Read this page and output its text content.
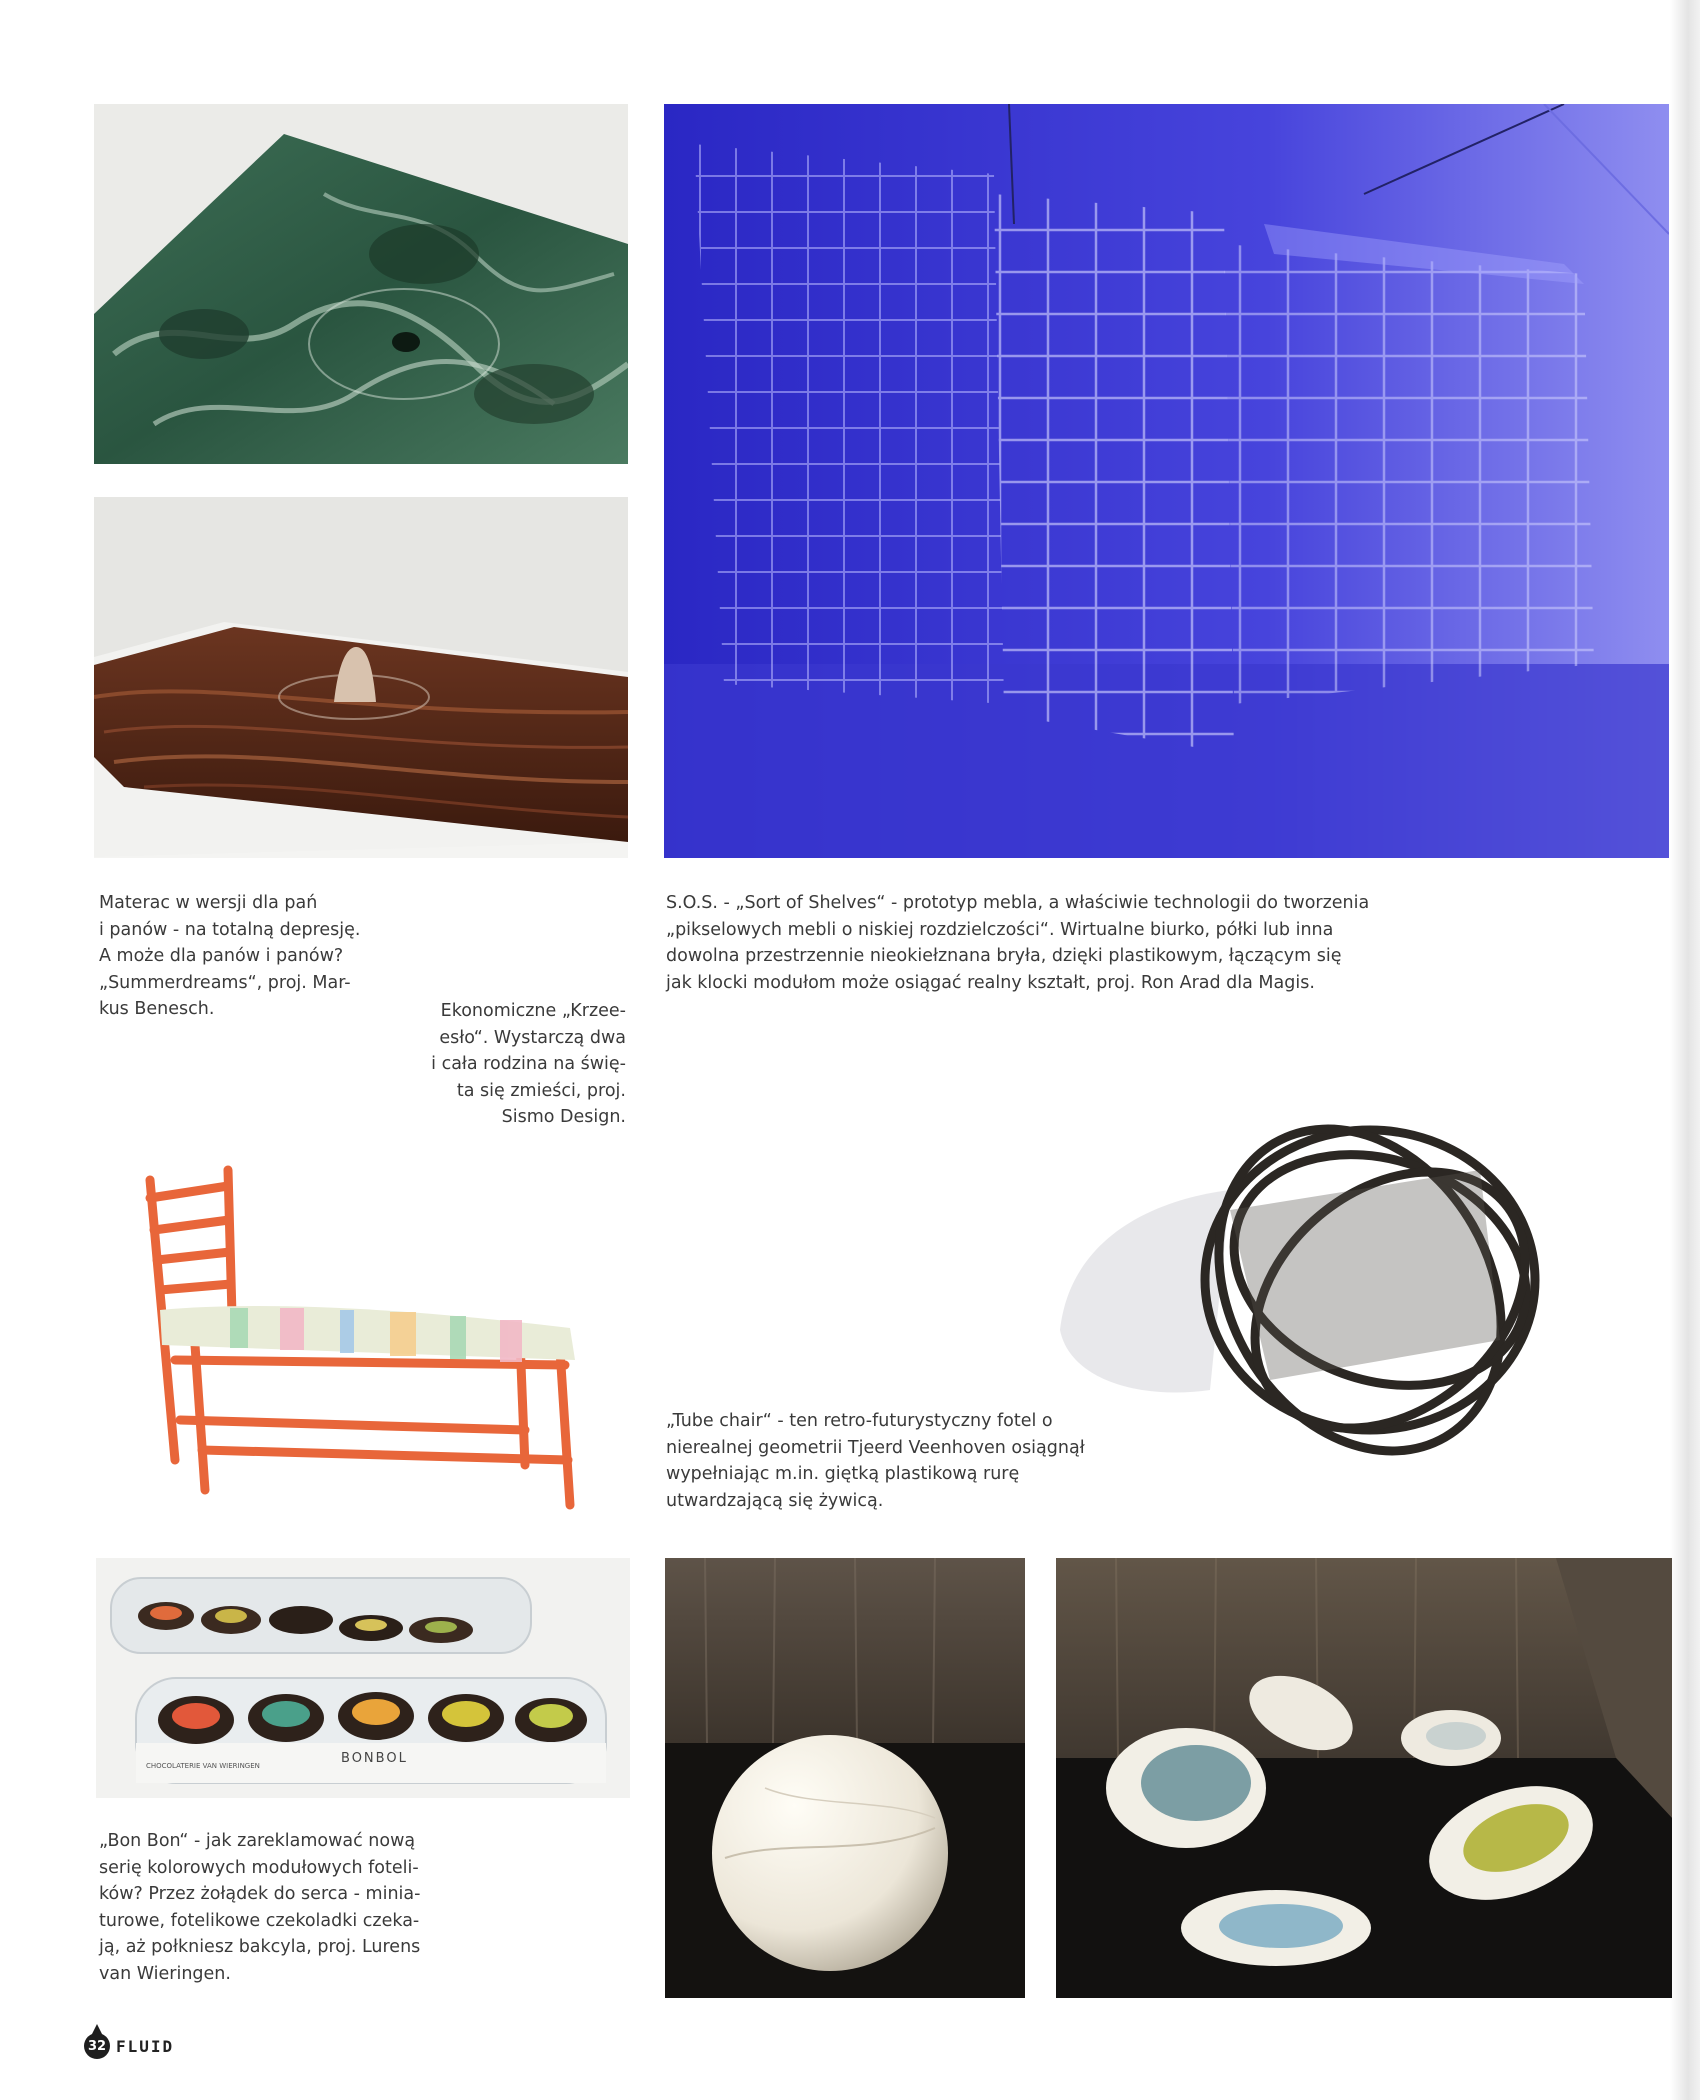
Materac w wersji dla pań
i panów - na totalną depresję.
A może dla panów i panów?
„Summerdreams“, proj. Mar-
kus Benesch.	Ekonomiczne „Krzee-
esło“. Wystarczą dwa
i cała rodzina na świę-
ta się zmieści, proj.
Sismo Design.

S.O.S. - „Sort of Shelves“ - prototyp mebla, a właściwie technologii do tworzenia
„pikselowych mebli o niskiej rozdzielczości“. Wirtualne biurko, półki lub inna
dowolna przestrzennie nieokiełznana bryła, dzięki plastikowym, łączącym się
jak klocki modułom może osiągać realny kształt, proj. Ron Arad dla Magis.

„Tube chair“ - ten retro-futurystyczny fotel o
nierealnej geometrii Tjeerd Veenhoven osiągnął
wypełniając m.in. giętką plastikową rurę
utwardzającą się żywicą.

BONBOL
CHOCOLATERIE VAN WIERINGEN

„Bon Bon“ - jak zareklamować nową
serię kolorowych modułowych foteli-
ków? Przez żołądek do serca - minia-
turowe, fotelikowe czekoladki czeka-
ją, aż połkniesz bakcyla, proj. Lurens
van Wieringen.

32 FLUID
